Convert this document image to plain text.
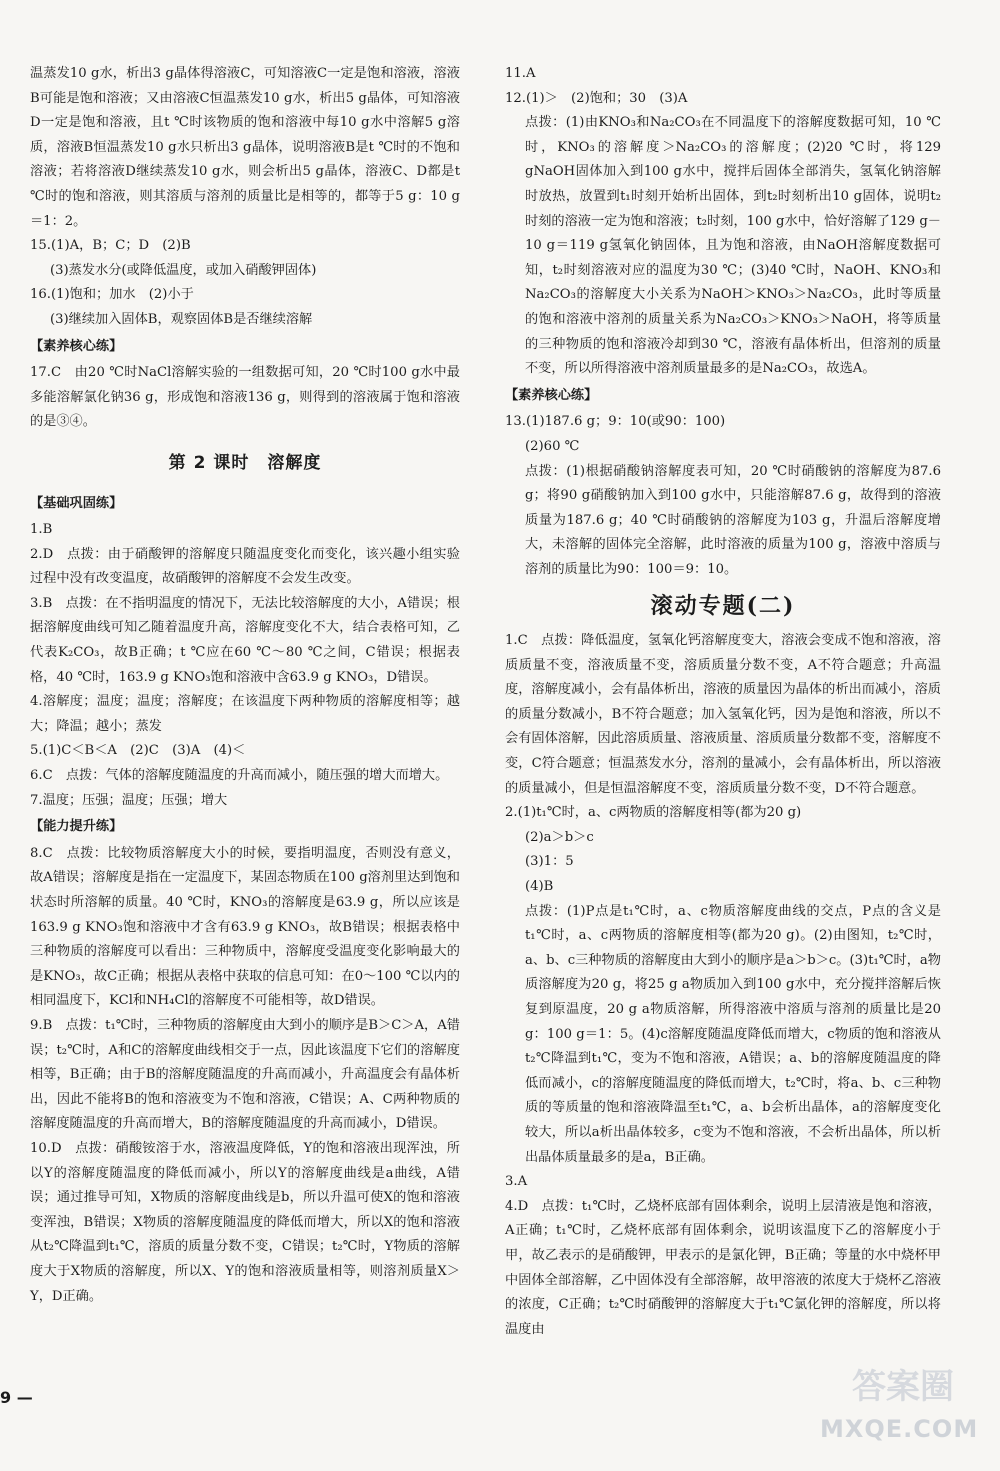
温蒸发10 g水，析出3 g晶体得溶液C，可知溶液C一定是饱和溶液，溶液B可能是饱和溶液；又由溶液C恒温蒸发10 g水，析出5 g晶体，可知溶液D一定是饱和溶液，且t ℃时该物质的饱和溶液中每10 g水中溶解5 g溶质，溶液B恒温蒸发10 g水只析出3 g晶体，说明溶液B是t ℃时的不饱和溶液；若将溶液D继续蒸发10 g水，则会析出5 g晶体，溶液C、D都是t ℃时的饱和溶液，则其溶质与溶剂的质量比是相等的，都等于5 g：10 g＝1：2。

15.(1)A，B；C；D　(2)B

(3)蒸发水分(或降低温度，或加入硝酸钾固体)

16.(1)饱和；加水　(2)小于

(3)继续加入固体B，观察固体B是否继续溶解

【素养核心练】

17.C　由20 ℃时NaCl溶解实验的一组数据可知，20 ℃时100 g水中最多能溶解氯化钠36 g，形成饱和溶液136 g，则得到的溶液属于饱和溶液的是③④。

第 2 课时　溶解度

【基础巩固练】

1.B

2.D　点拨：由于硝酸钾的溶解度只随温度变化而变化，该兴趣小组实验过程中没有改变温度，故硝酸钾的溶解度不会发生改变。

3.B　点拨：在不指明温度的情况下，无法比较溶解度的大小，A错误；根据溶解度曲线可知乙随着温度升高，溶解度变化不大，结合表格可知，乙代表K₂CO₃，故B正确；t ℃应在60 ℃～80 ℃之间，C错误；根据表格，40 ℃时，163.9 g KNO₃饱和溶液中含63.9 g KNO₃，D错误。

4.溶解度；温度；温度；溶解度；在该温度下两种物质的溶解度相等；越大；降温；越小；蒸发

5.(1)C＜B＜A　(2)C　(3)A　(4)＜

6.C　点拨：气体的溶解度随温度的升高而减小，随压强的增大而增大。

7.温度；压强；温度；压强；增大

【能力提升练】

8.C　点拨：比较物质溶解度大小的时候，要指明温度，否则没有意义，故A错误；溶解度是指在一定温度下，某固态物质在100 g溶剂里达到饱和状态时所溶解的质量。40 ℃时，KNO₃的溶解度是63.9 g，所以应该是163.9 g KNO₃饱和溶液中才含有63.9 g KNO₃，故B错误；根据表格中三种物质的溶解度可以看出：三种物质中，溶解度受温度变化影响最大的是KNO₃，故C正确；根据从表格中获取的信息可知：在0～100 ℃以内的相同温度下，KCl和NH₄Cl的溶解度不可能相等，故D错误。

9.B　点拨：t₁℃时，三种物质的溶解度由大到小的顺序是B＞C＞A，A错误；t₂℃时，A和C的溶解度曲线相交于一点，因此该温度下它们的溶解度相等，B正确；由于B的溶解度随温度的升高而减小，升高温度会有晶体析出，因此不能将B的饱和溶液变为不饱和溶液，C错误；A、C两种物质的溶解度随温度的升高而增大，B的溶解度随温度的升高而减小，D错误。

10.D　点拨：硝酸铵溶于水，溶液温度降低，Y的饱和溶液出现浑浊，所以Y的溶解度随温度的降低而减小，所以Y的溶解度曲线是a曲线，A错误；通过推导可知，X物质的溶解度曲线是b，所以升温可使X的饱和溶液变浑浊，B错误；X物质的溶解度随温度的降低而增大，所以X的饱和溶液从t₂℃降温到t₁℃，溶质的质量分数不变，C错误；t₂℃时，Y物质的溶解度大于X物质的溶解度，所以X、Y的饱和溶液质量相等，则溶剂质量X＞Y，D正确。

11.A

12.(1)＞　(2)饱和；30　(3)A

点拨：(1)由KNO₃和Na₂CO₃在不同温度下的溶解度数据可知，10 ℃时，KNO₃的溶解度＞Na₂CO₃的溶解度；(2)20 ℃时，将129 gNaOH固体加入到100 g水中，搅拌后固体全部消失，氢氧化钠溶解时放热，放置到t₁时刻开始析出固体，到t₂时刻析出10 g固体，说明t₂时刻的溶液一定为饱和溶液；t₂时刻，100 g水中，恰好溶解了129 g－10 g＝119 g氢氧化钠固体，且为饱和溶液，由NaOH溶解度数据可知，t₂时刻溶液对应的温度为30 ℃；(3)40 ℃时，NaOH、KNO₃和Na₂CO₃的溶解度大小关系为NaOH＞KNO₃＞Na₂CO₃，此时等质量的饱和溶液中溶剂的质量关系为Na₂CO₃＞KNO₃＞NaOH，将等质量的三种物质的饱和溶液冷却到30 ℃，溶液有晶体析出，但溶剂的质量不变，所以所得溶液中溶剂质量最多的是Na₂CO₃，故选A。

【素养核心练】

13.(1)187.6 g；9：10(或90：100)

(2)60 ℃

点拨：(1)根据硝酸钠溶解度表可知，20 ℃时硝酸钠的溶解度为87.6 g；将90 g硝酸钠加入到100 g水中，只能溶解87.6 g，故得到的溶液质量为187.6 g；40 ℃时硝酸钠的溶解度为103 g，升温后溶解度增大，未溶解的固体完全溶解，此时溶液的质量为100 g，溶液中溶质与溶剂的质量比为90：100＝9：10。

滚动专题(二)

1.C　点拨：降低温度，氢氧化钙溶解度变大，溶液会变成不饱和溶液，溶质质量不变，溶液质量不变，溶质质量分数不变，A不符合题意；升高温度，溶解度减小，会有晶体析出，溶液的质量因为晶体的析出而减小，溶质的质量分数减小，B不符合题意；加入氢氧化钙，因为是饱和溶液，所以不会有固体溶解，因此溶质质量、溶液质量、溶质质量分数都不变，溶解度不变，C符合题意；恒温蒸发水分，溶剂的量减小，会有晶体析出，所以溶液的质量减小，但是恒温溶解度不变，溶质质量分数不变，D不符合题意。

2.(1)t₁℃时，a、c两物质的溶解度相等(都为20 g)

(2)a＞b＞c

(3)1：5

(4)B

点拨：(1)P点是t₁℃时，a、c物质溶解度曲线的交点，P点的含义是t₁℃时，a、c两物质的溶解度相等(都为20 g)。(2)由图知，t₂℃时，a、b、c三种物质的溶解度由大到小的顺序是a＞b＞c。(3)t₁℃时，a物质溶解度为20 g，将25 g a物质加入到100 g水中，充分搅拌溶解后恢复到原温度，20 g a物质溶解，所得溶液中溶质与溶剂的质量比是20 g：100 g＝1：5。(4)c溶解度随温度降低而增大，c物质的饱和溶液从t₂℃降温到t₁℃，变为不饱和溶液，A错误；a、b的溶解度随温度的降低而减小，c的溶解度随温度的降低而增大，t₂℃时，将a、b、c三种物质的等质量的饱和溶液降温至t₁℃，a、b会析出晶体，a的溶解度变化较大，所以a析出晶体较多，c变为不饱和溶液，不会析出晶体，所以析出晶体质量最多的是a，B正确。

3.A

4.D　点拨：t₁℃时，乙烧杯底部有固体剩余，说明上层清液是饱和溶液，A正确；t₁℃时，乙烧杯底部有固体剩余，说明该温度下乙的溶解度小于甲，故乙表示的是硝酸钾，甲表示的是氯化钾，B正确；等量的水中烧杯甲中固体全部溶解，乙中固体没有全部溶解，故甲溶液的浓度大于烧杯乙溶液的浓度，C正确；t₂℃时硝酸钾的溶解度大于t₁℃氯化钾的溶解度，所以将温度由

9 —	答案圈
MXQE.COM
